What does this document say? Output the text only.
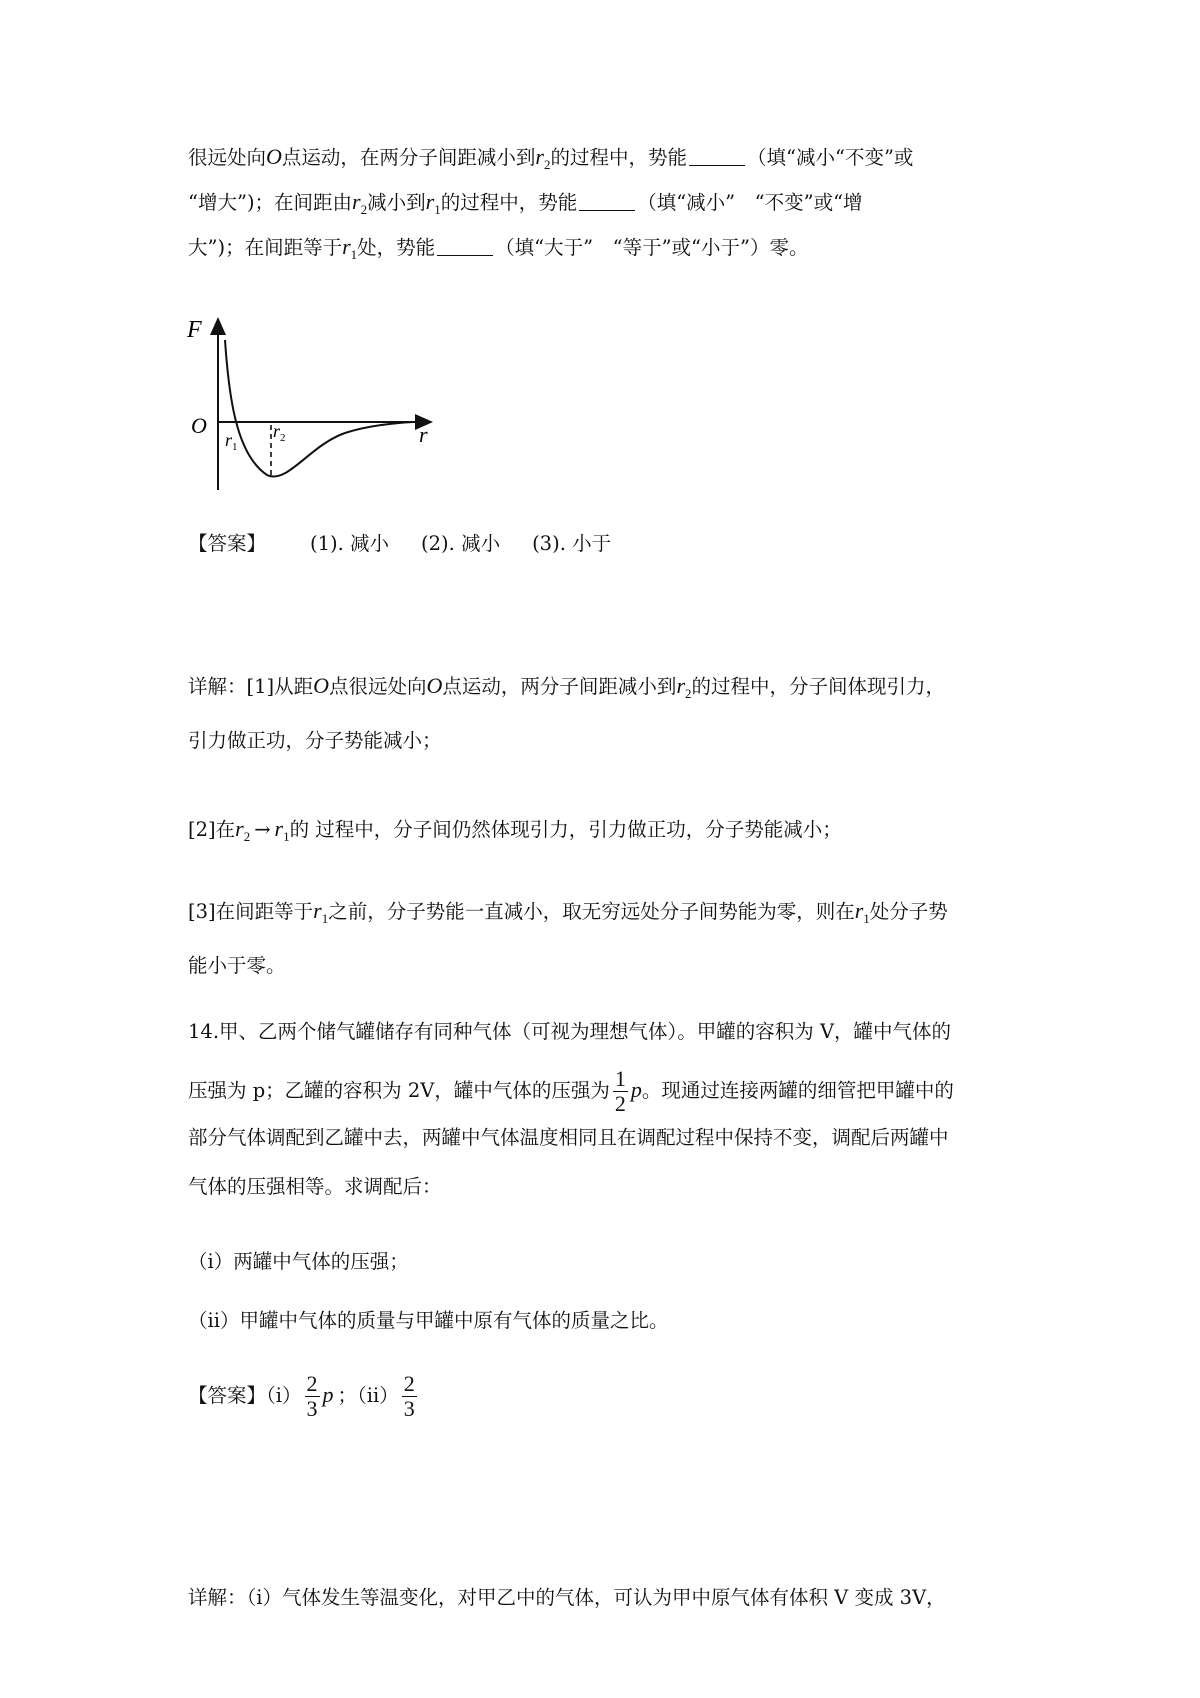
很远处向O点运动，在两分子间距减小到$r_2$的过程中，势能	（填“减小“不变”或
“增大”)；在间距由$r_2$减小到$r_1$的过程中，势能	（填“减小”　“不变”或“增
大”)；在间距等于$r_1$处，势能	（填“大于”　“等于”或“小于”）零。
F
O	r
$r_1$
$r_2$
【答案】 (1). 减小 (2). 减小 (3). 小于
详解：[1]从距O点很远处向O点运动，两分子间距减小到$r_2$的过程中，分子间体现引力，
引力做正功，分子势能减小；
[2]在$r_2 \to r_1$的 过程中，分子间仍然体现引力，引力做正功，分子势能减小；
[3]在间距等于$r_1$之前，分子势能一直减小，取无穷远处分子间势能为零，则在$r_1$处分子势
能小于零。
14.甲、乙两个储气罐储存有同种气体（可视为理想气体）。甲罐的容积为 V，罐中气体的
压强为 p；乙罐的容积为 2V，罐中气体的压强为 $\frac{1}{2}$ p。现通过连接两罐的细管把甲罐中的
部分气体调配到乙罐中去，两罐中气体温度相同且在调配过程中保持不变，调配后两罐中
气体的压强相等。求调配后：
（i）两罐中气体的压强；
（ii）甲罐中气体的质量与甲罐中原有气体的质量之比。
【答案】$(i) \frac{2}{3}$ p ；$(ii) \frac{2}{3}$
详解：（i）气体发生等温变化，对甲乙中的气体，可认为甲中原气体有体积 V 变成 3V，
